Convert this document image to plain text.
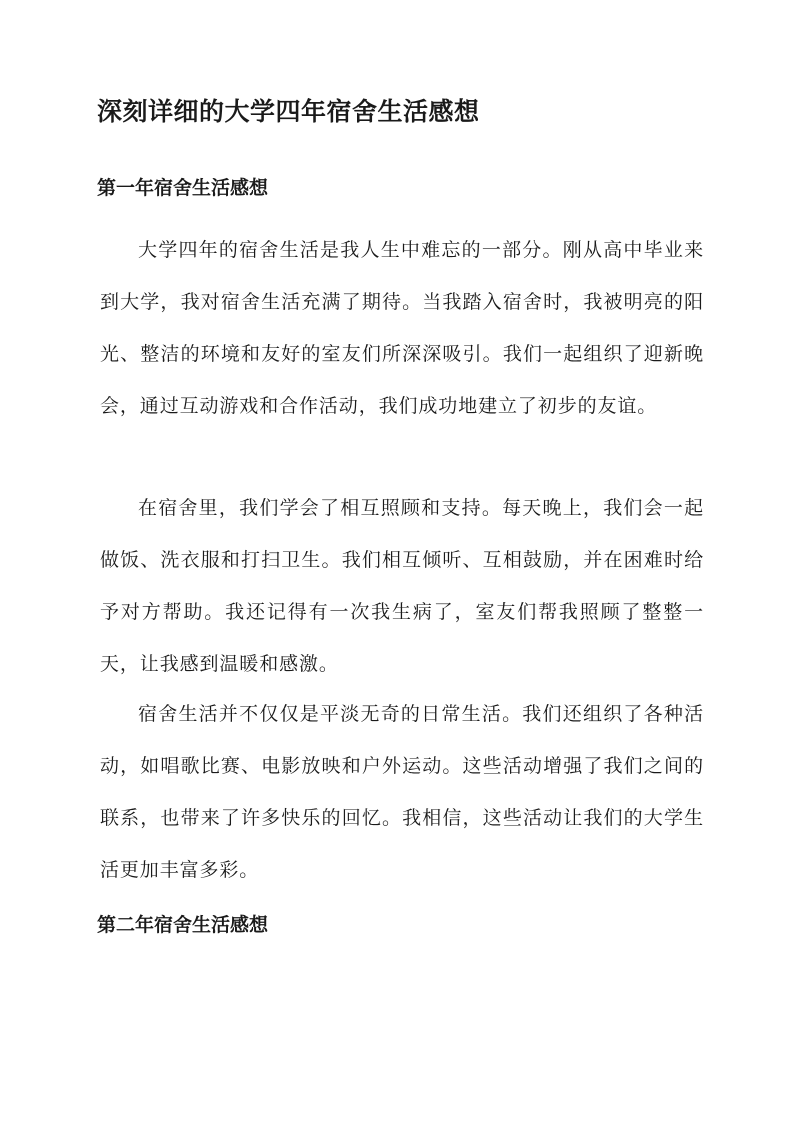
深刻详细的大学四年宿舍生活感想
第一年宿舍生活感想

大学四年的宿舍生活是我人生中难忘的一部分。刚从高中毕业来到大学，我对宿舍生活充满了期待。当我踏入宿舍时，我被明亮的阳光、整洁的环境和友好的室友们所深深吸引。我们一起组织了迎新晚会，通过互动游戏和合作活动，我们成功地建立了初步的友谊。

在宿舍里，我们学会了相互照顾和支持。每天晚上，我们会一起做饭、洗衣服和打扫卫生。我们相互倾听、互相鼓励，并在困难时给予对方帮助。我还记得有一次我生病了，室友们帮我照顾了整整一天，让我感到温暖和感激。

宿舍生活并不仅仅是平淡无奇的日常生活。我们还组织了各种活动，如唱歌比赛、电影放映和户外运动。这些活动增强了我们之间的联系，也带来了许多快乐的回忆。我相信，这些活动让我们的大学生活更加丰富多彩。

第二年宿舍生活感想
